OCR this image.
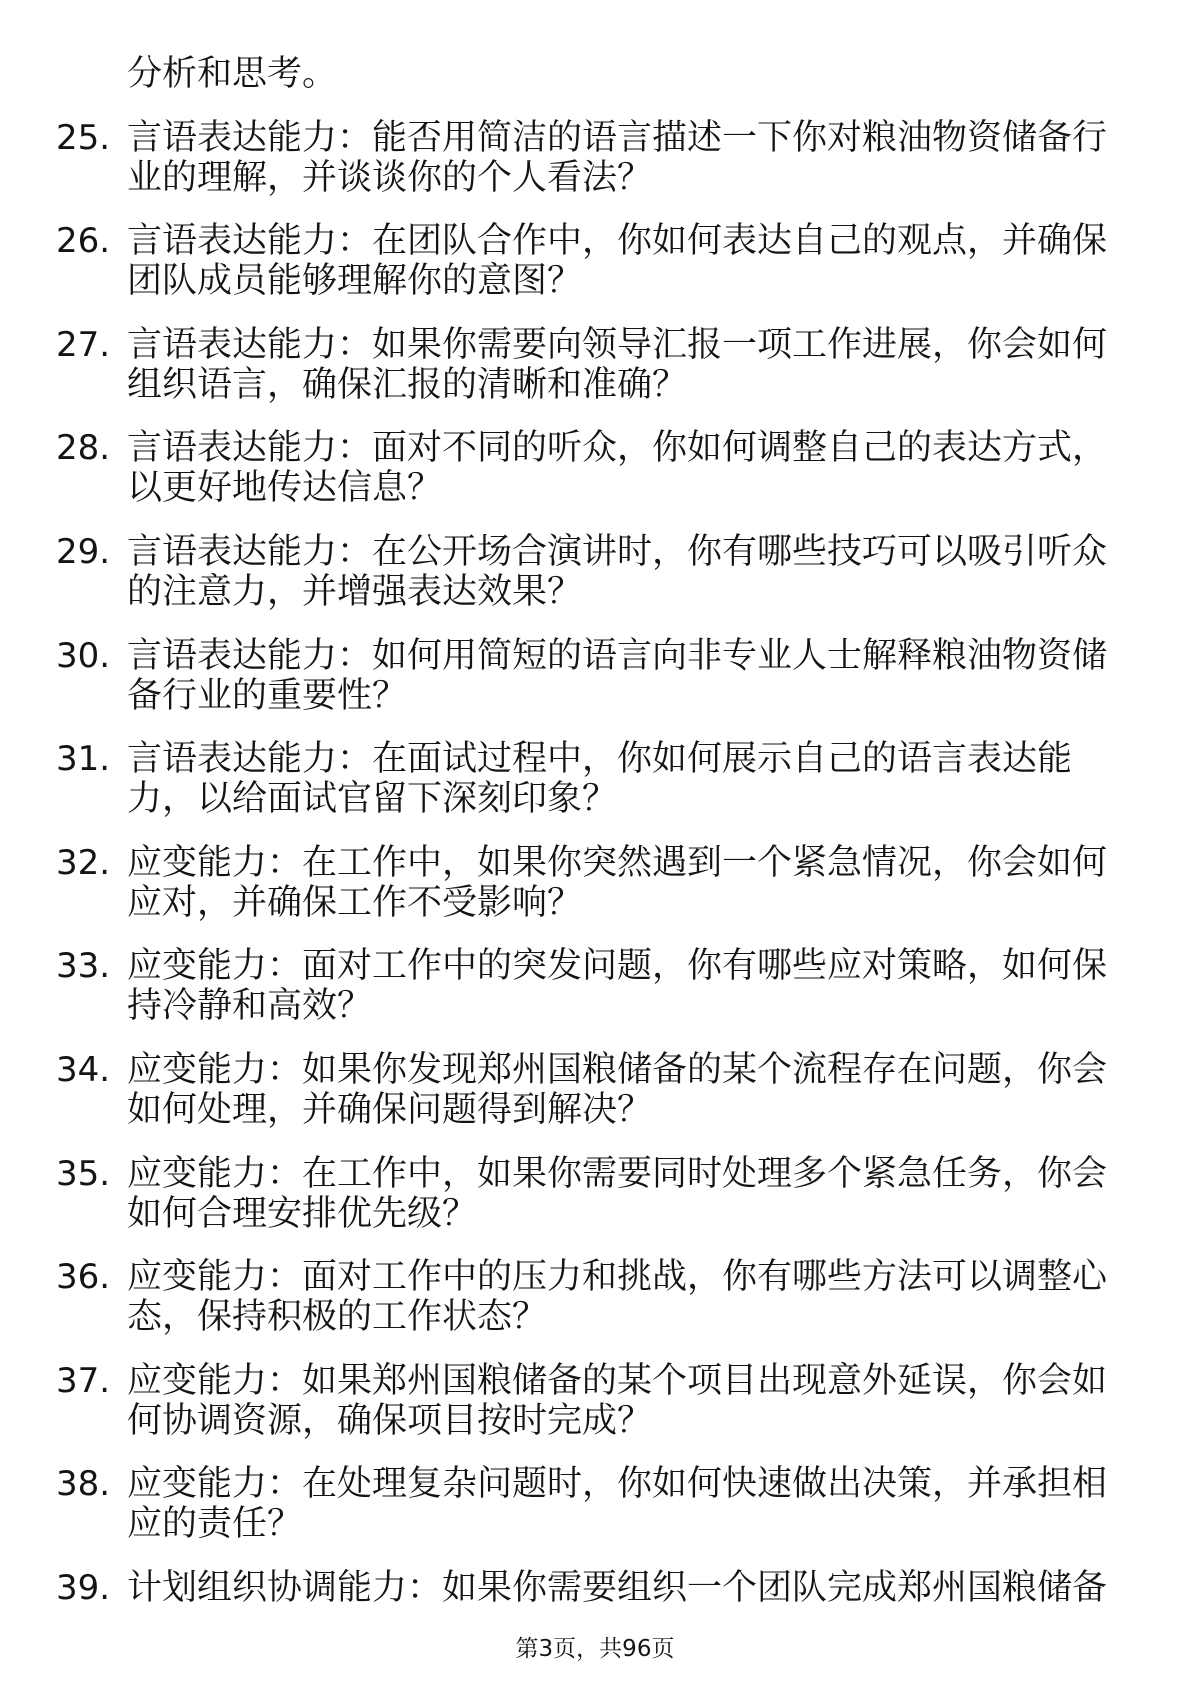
分析和思考。
25. 言语表达能力：能否用简洁的语言描述一下你对粮油物资储备行
业的理解，并谈谈你的个人看法？
26. 言语表达能力：在团队合作中，你如何表达自己的观点，并确保
团队成员能够理解你的意图？
27. 言语表达能力：如果你需要向领导汇报一项工作进展，你会如何
组织语言，确保汇报的清晰和准确？
28. 言语表达能力：面对不同的听众，你如何调整自己的表达方式，
以更好地传达信息？
29. 言语表达能力：在公开场合演讲时，你有哪些技巧可以吸引听众
的注意力，并增强表达效果？
30. 言语表达能力：如何用简短的语言向非专业人士解释粮油物资储
备行业的重要性？
31. 言语表达能力：在面试过程中，你如何展示自己的语言表达能
力，以给面试官留下深刻印象？
32. 应变能力：在工作中，如果你突然遇到一个紧急情况，你会如何
应对，并确保工作不受影响？
33. 应变能力：面对工作中的突发问题，你有哪些应对策略，如何保
持冷静和高效？
34. 应变能力：如果你发现郑州国粮储备的某个流程存在问题，你会
如何处理，并确保问题得到解决？
35. 应变能力：在工作中，如果你需要同时处理多个紧急任务，你会
如何合理安排优先级？
36. 应变能力：面对工作中的压力和挑战，你有哪些方法可以调整心
态，保持积极的工作状态？
37. 应变能力：如果郑州国粮储备的某个项目出现意外延误，你会如
何协调资源，确保项目按时完成？
38. 应变能力：在处理复杂问题时，你如何快速做出决策，并承担相
应的责任？
39. 计划组织协调能力：如果你需要组织一个团队完成郑州国粮储备
第3页，共96页
